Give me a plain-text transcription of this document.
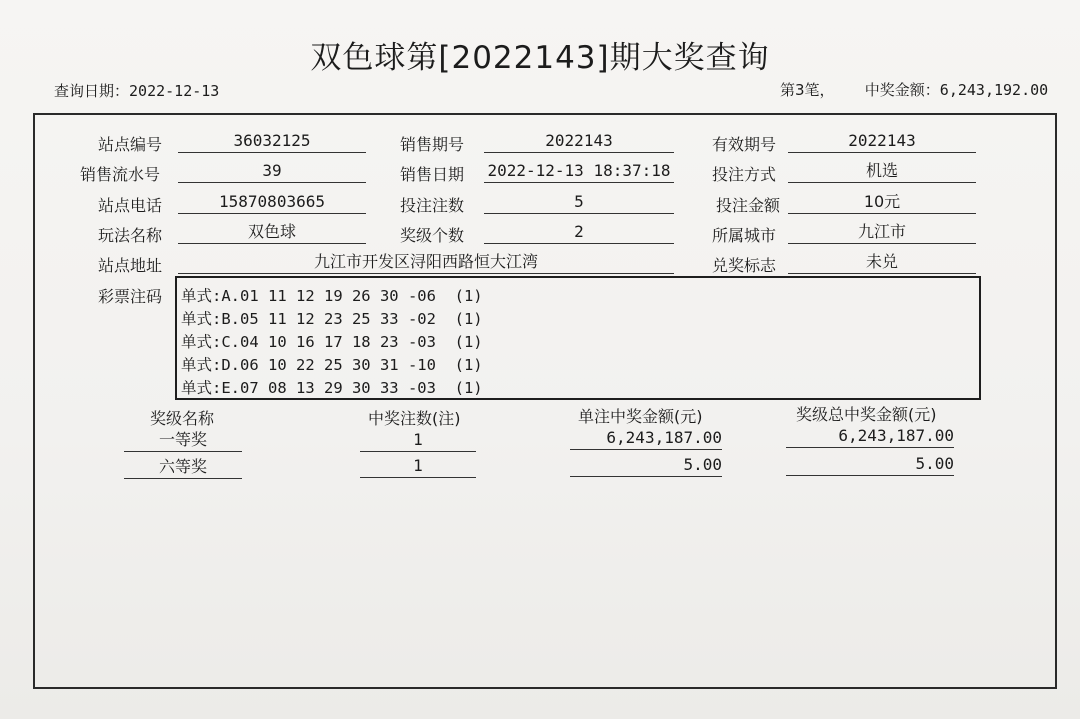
双色球第[2022143]期大奖查询
查询日期：2022-12-13	第3笔， 中奖金额：6,243,192.00
站点编号	36032125	销售期号	2022143	有效期号	2022143
销售流水号	39	销售日期 2022-12-13 18:37:18	投注方式	机选
站点电话	15870803665	投注注数	5	投注金额	10元
玩法名称	双色球	奖级个数	2	所属城市	九江市
站点地址	九江市开发区浔阳西路恒大江湾	兑奖标志	未兑
彩票注码 单式:A.01 11 12 19 26 30 -06  (1)
单式:B.05 11 12 23 25 33 -02  (1)
单式:C.04 10 16 17 18 23 -03  (1)
单式:D.06 10 22 25 30 31 -10  (1)
单式:E.07 08 13 29 30 33 -03  (1)
奖级名称	中奖注数(注)	单注中奖金额(元)	奖级总中奖金额(元)
一等奖	1	6,243,187.00	6,243,187.00
六等奖	1	5.00	5.00
